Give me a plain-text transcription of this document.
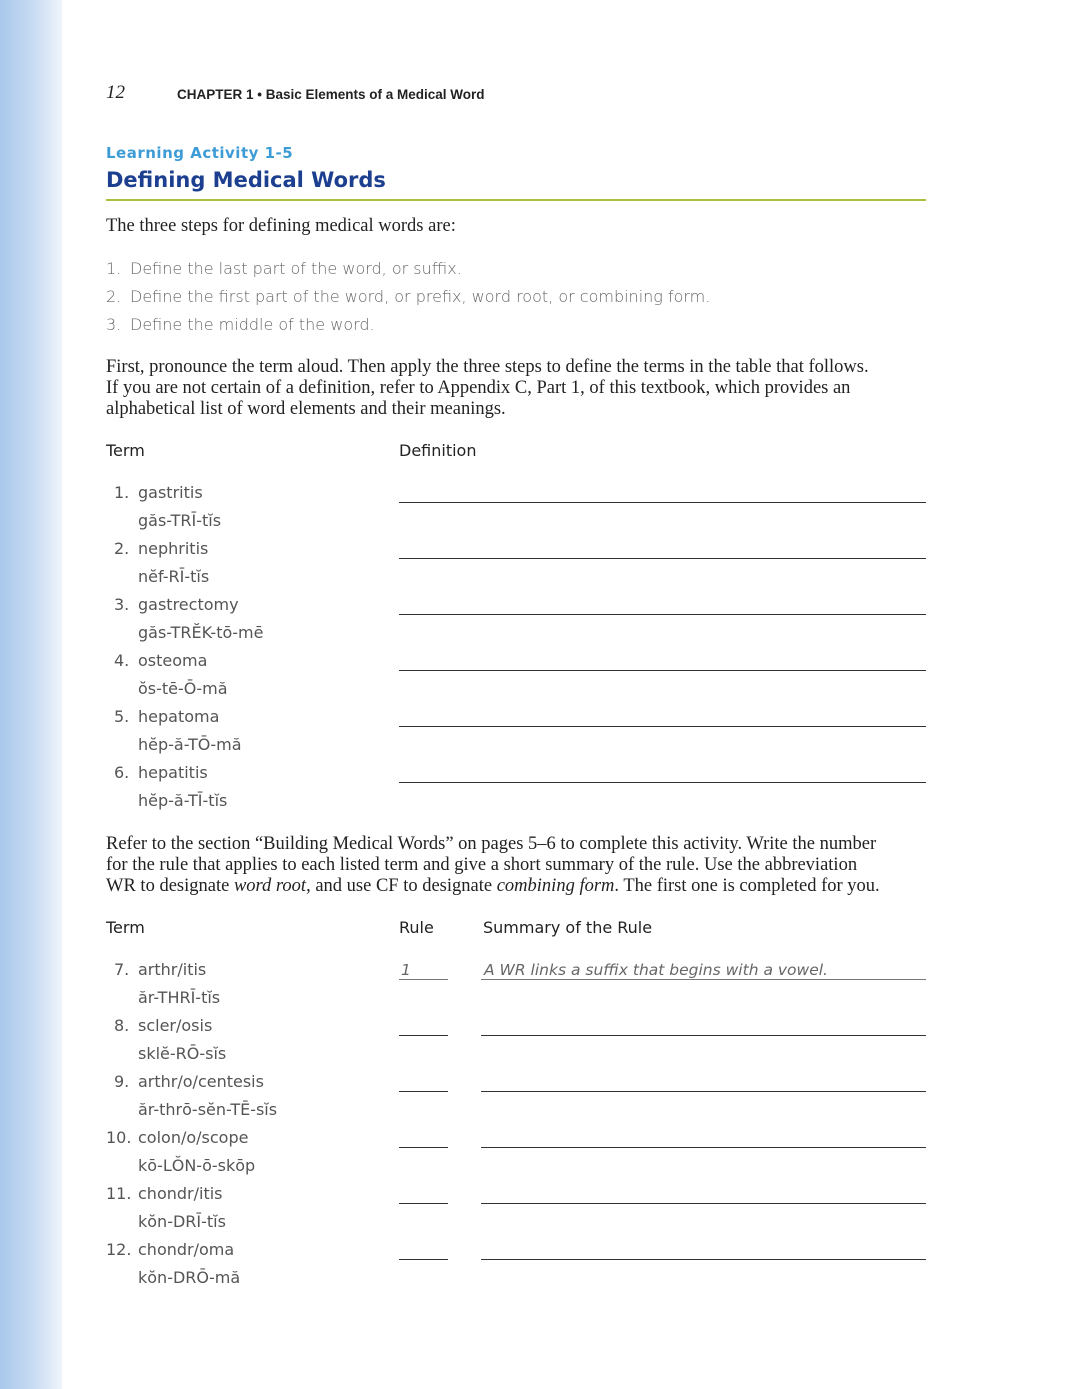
12	CHAPTER 1 • Basic Elements of a Medical Word
Learning Activity 1-5
Defining Medical Words
The three steps for defining medical words are:
1. Define the last part of the word, or suffix.
2. Define the first part of the word, or prefix, word root, or combining form.
3. Define the middle of the word.
First, pronounce the term aloud. Then apply the three steps to define the terms in the table that follows.
If you are not certain of a definition, refer to Appendix C, Part 1, of this textbook, which provides an
alphabetical list of word elements and their meanings.
Term	Definition
1. gastritis
găs-TRĪ-tĭs
2. nephritis
nĕf-RĪ-tĭs
3. gastrectomy
găs-TRĔK-tō-mē
4. osteoma
ŏs-tē-Ō-mă
5. hepatoma
hĕp-ă-TŌ-mă
6. hepatitis
hĕp-ă-TĪ-tĭs
Refer to the section “Building Medical Words” on pages 5–6 to complete this activity. Write the number
for the rule that applies to each listed term and give a short summary of the rule. Use the abbreviation
WR to designate word root, and use CF to designate combining form. The first one is completed for you.
Term	Rule	Summary of the Rule
7. arthr/itis
ăr-THRĪ-tĭs
1	A WR links a suffix that begins with a vowel.
8. scler/osis
sklĕ-RŌ-sĭs
9. arthr/o/centesis
ăr-thrō-sĕn-TĒ-sĭs
10. colon/o/scope
kō-LŎN-ō-skōp
11. chondr/itis
kŏn-DRĪ-tĭs
12. chondr/oma
kŏn-DRŌ-mă
